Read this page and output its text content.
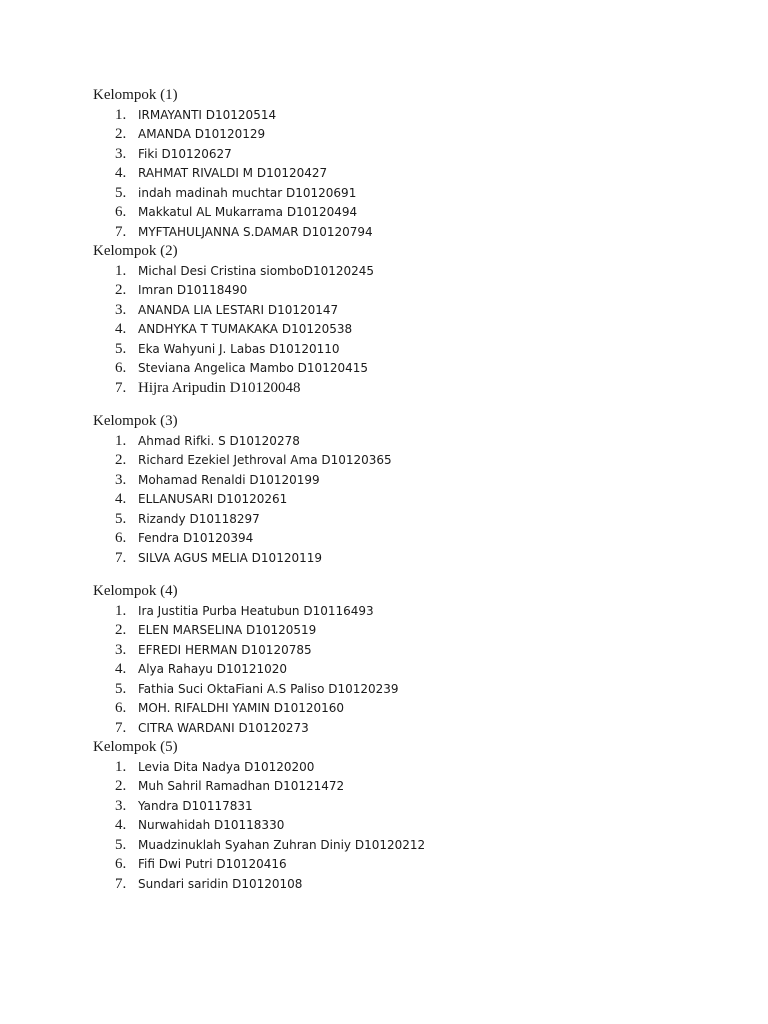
Kelompok (1)
1. IRMAYANTI D10120514
2. AMANDA D10120129
3. Fiki D10120627
4. RAHMAT RIVALDI M D10120427
5. indah madinah muchtar D10120691
6. Makkatul AL Mukarrama D10120494
7. MYFTAHULJANNA S.DAMAR D10120794
Kelompok (2)
1. Michal Desi Cristina siomboD10120245
2. Imran D10118490
3. ANANDA LIA LESTARI D10120147
4. ANDHYKA T TUMAKAKA D10120538
5. Eka Wahyuni J. Labas D10120110
6. Steviana Angelica Mambo D10120415
7. Hijra Aripudin D10120048
Kelompok (3)
1. Ahmad Rifki. S D10120278
2. Richard Ezekiel Jethroval Ama D10120365
3. Mohamad Renaldi D10120199
4. ELLANUSARI D10120261
5. Rizandy D10118297
6. Fendra D10120394
7. SILVA AGUS MELIA D10120119
Kelompok (4)
1. Ira Justitia Purba Heatubun D10116493
2. ELEN MARSELINA D10120519
3. EFREDI HERMAN D10120785
4. Alya Rahayu D10121020
5. Fathia Suci OktaFiani A.S Paliso D10120239
6. MOH. RIFALDHI YAMIN D10120160
7. CITRA WARDANI D10120273
Kelompok (5)
1. Levia Dita Nadya D10120200
2. Muh Sahril Ramadhan D10121472
3. Yandra D10117831
4. Nurwahidah D10118330
5. Muadzinuklah Syahan Zuhran Diniy D10120212
6. Fifi Dwi Putri D10120416
7. Sundari saridin D10120108
